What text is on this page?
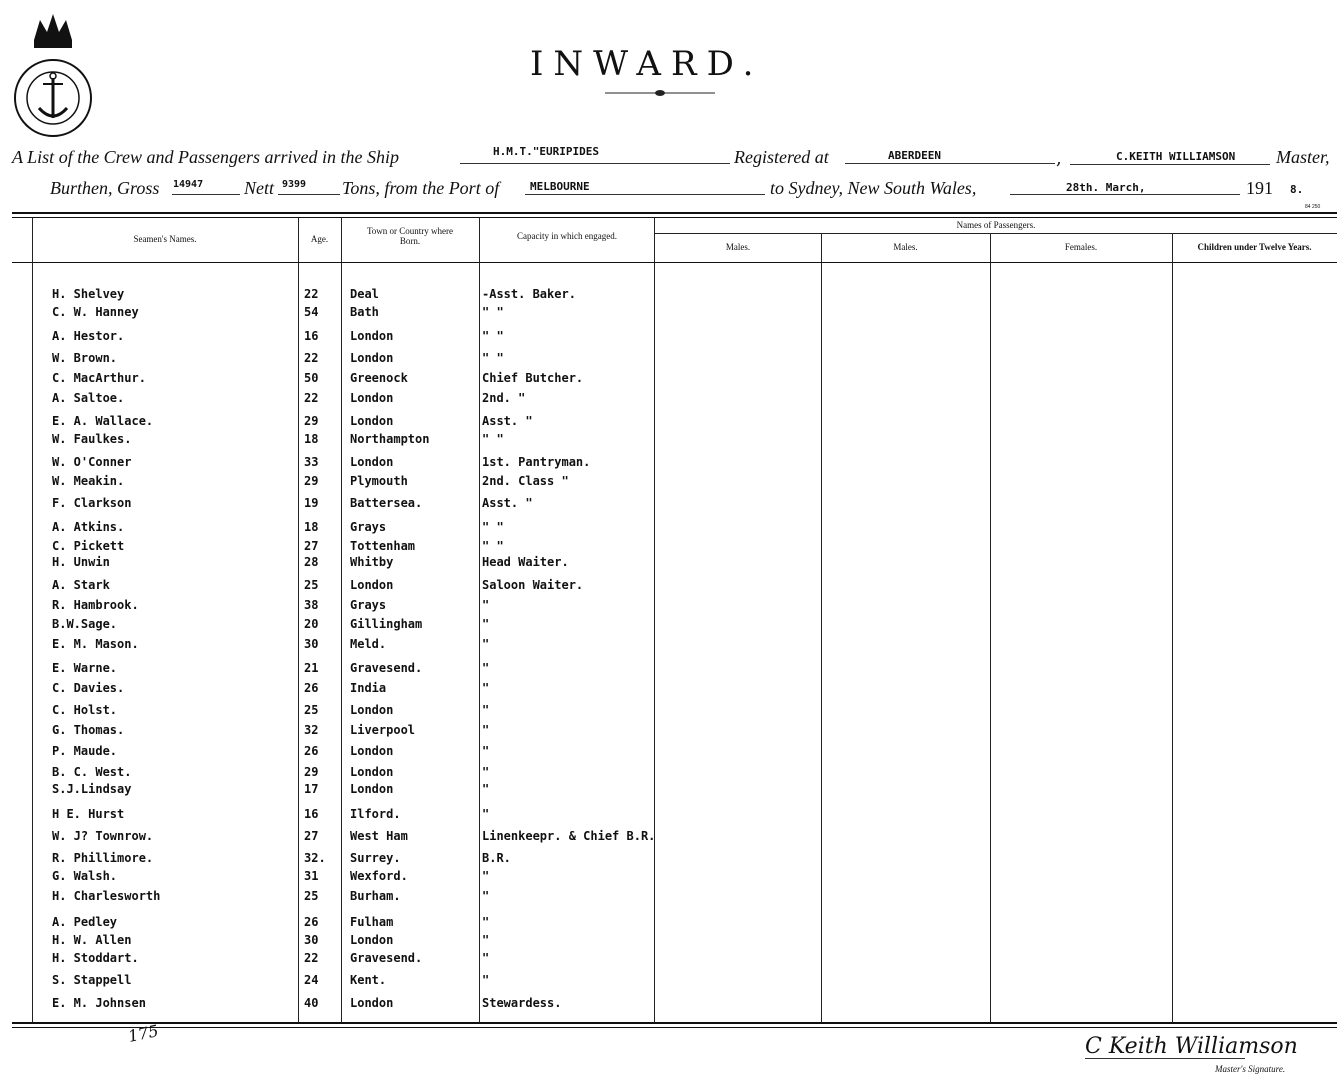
INWARD.
A List of the Crew and Passengers arrived in the Ship	H.M.T."EURIPIDES	Registered at	ABERDEEN	,	C.KEITH WILLIAMSON Master,
Burthen, Gross 14947 Nett 9399 Tons, from the Port of	MELBOURNE	to Sydney, New South Wales,	28th. March,	191 8.
84 250
Seamen's Names.	Age.
Town or Country where Born.	Capacity in which engaged.
Names of Passengers.
Males.	Males.	Females.	Children under Twelve Years.
H. Shelvey	22	Deal	-Asst. Baker.
C. W. Hanney	54	Bath	" "
A. Hestor.	16	London	" "
W. Brown.	22	London	" "
C. MacArthur.	50	Greenock	Chief Butcher.
A. Saltoe.	22	London	2nd. "
E. A. Wallace.	29	London	Asst. "
W. Faulkes.	18	Northampton	" "
W. O'Conner	33	London	1st. Pantryman.
W. Meakin.	29	Plymouth	2nd. Class "
F. Clarkson	19	Battersea.	Asst. "
A. Atkins.	18	Grays	" "
C. Pickett	27	Tottenham	" "
H. Unwin	28	Whitby	Head Waiter.
A. Stark	25	London	Saloon Waiter.
R. Hambrook.	38	Grays	"
B.W.Sage.	20	Gillingham	"
E. M. Mason.	30	Meld.	"
E. Warne.	21	Gravesend.	"
C. Davies.	26	India	"
C. Holst.	25	London	"
G. Thomas.	32	Liverpool	"
P. Maude.	26	London	"
B. C. West.	29	London	"
S.J.Lindsay	17	London	"
H E. Hurst	16	Ilford.	"
W. J? Townrow.	27	West Ham	Linenkeepr. & Chief B.R.
R. Phillimore.	32. Surrey.	B.R.
G. Walsh.	31	Wexford.	"
H. Charlesworth	25	Burham.	"
A. Pedley	26	Fulham	"
H. W. Allen	30	London	"
H. Stoddart.	22	Gravesend.	"
S. Stappell	24	Kent.	"
E. M. Johnsen	40	London	Stewardess.
175
C Keith Williamson
Master's Signature.
